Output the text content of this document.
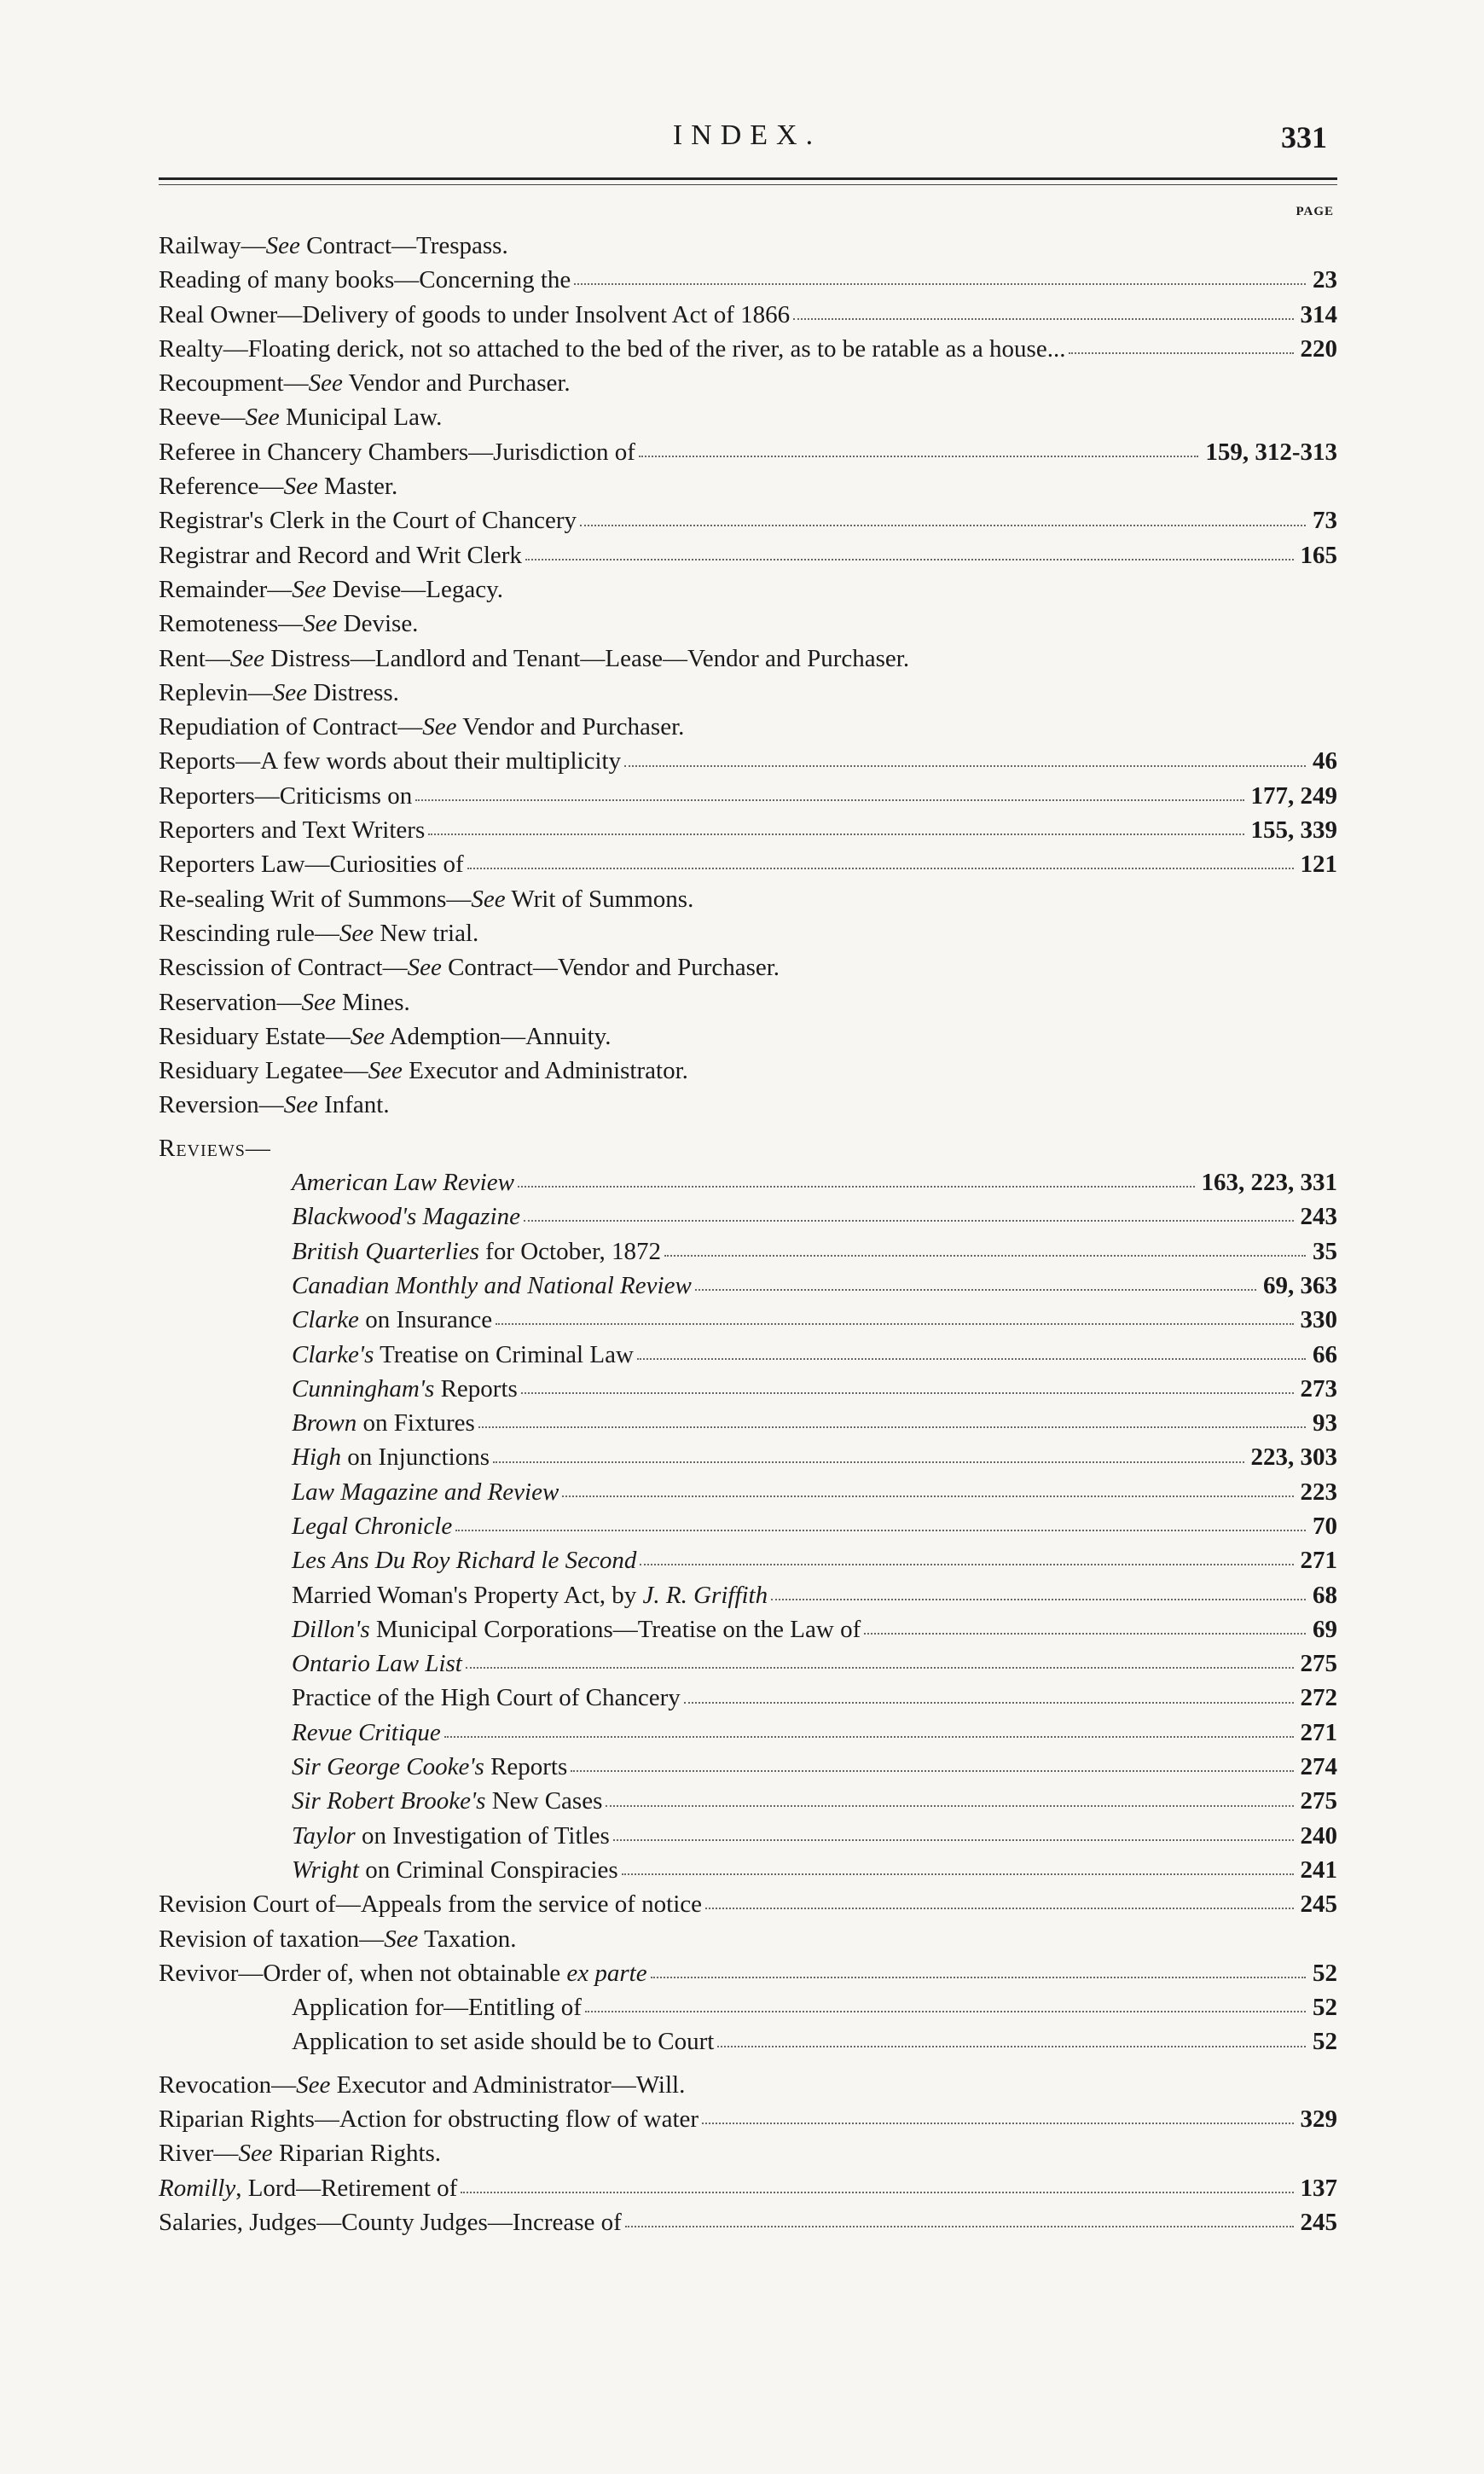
INDEX.	331
PAGE
Railway—See Contract—Trespass.
Reading of many books—Concerning the	23
Real Owner—Delivery of goods to under Insolvent Act of 1866	314
Realty—Floating derick, not so attached to the bed of the river, as to be ratable as a house...	220
Recoupment—See Vendor and Purchaser.
Reeve—See Municipal Law.
Referee in Chancery Chambers—Jurisdiction of	159, 312-313
Reference—See Master.
Registrar's Clerk in the Court of Chancery	73
Registrar and Record and Writ Clerk	165
Remainder—See Devise—Legacy.
Remoteness—See Devise.
Rent—See Distress—Landlord and Tenant—Lease—Vendor and Purchaser.
Replevin—See Distress.
Repudiation of Contract—See Vendor and Purchaser.
Reports—A few words about their multiplicity	46
Reporters—Criticisms on	177, 249
Reporters and Text Writers	155, 339
Reporters Law—Curiosities of	121
Re-sealing Writ of Summons—See Writ of Summons.
Rescinding rule—See New trial.
Rescission of Contract—See Contract—Vendor and Purchaser.
Reservation—See Mines.
Residuary Estate—See Ademption—Annuity.
Residuary Legatee—See Executor and Administrator.
Reversion—See Infant.
Reviews—
American Law Review	163, 223, 331
Blackwood's Magazine	243
British Quarterlies for October, 1872	35
Canadian Monthly and National Review	69, 363
Clarke on Insurance	330
Clarke's Treatise on Criminal Law	66
Cunningham's Reports	273
Brown on Fixtures	93
High on Injunctions	223, 303
Law Magazine and Review	223
Legal Chronicle	70
Les Ans Du Roy Richard le Second	271
Married Woman's Property Act, by J. R. Griffith	68
Dillon's Municipal Corporations—Treatise on the Law of	69
Ontario Law List	275
Practice of the High Court of Chancery	272
Revue Critique	271
Sir George Cooke's Reports	274
Sir Robert Brooke's New Cases	275
Taylor on Investigation of Titles	240
Wright on Criminal Conspiracies	241
Revision Court of—Appeals from the service of notice	245
Revision of taxation—See Taxation.
Revivor—Order of, when not obtainable ex parte	52
Application for—Entitling of	52
Application to set aside should be to Court	52
Revocation—See Executor and Administrator—Will.
Riparian Rights—Action for obstructing flow of water	329
River—See Riparian Rights.
Romilly, Lord—Retirement of	137
Salaries, Judges—County Judges—Increase of	245
